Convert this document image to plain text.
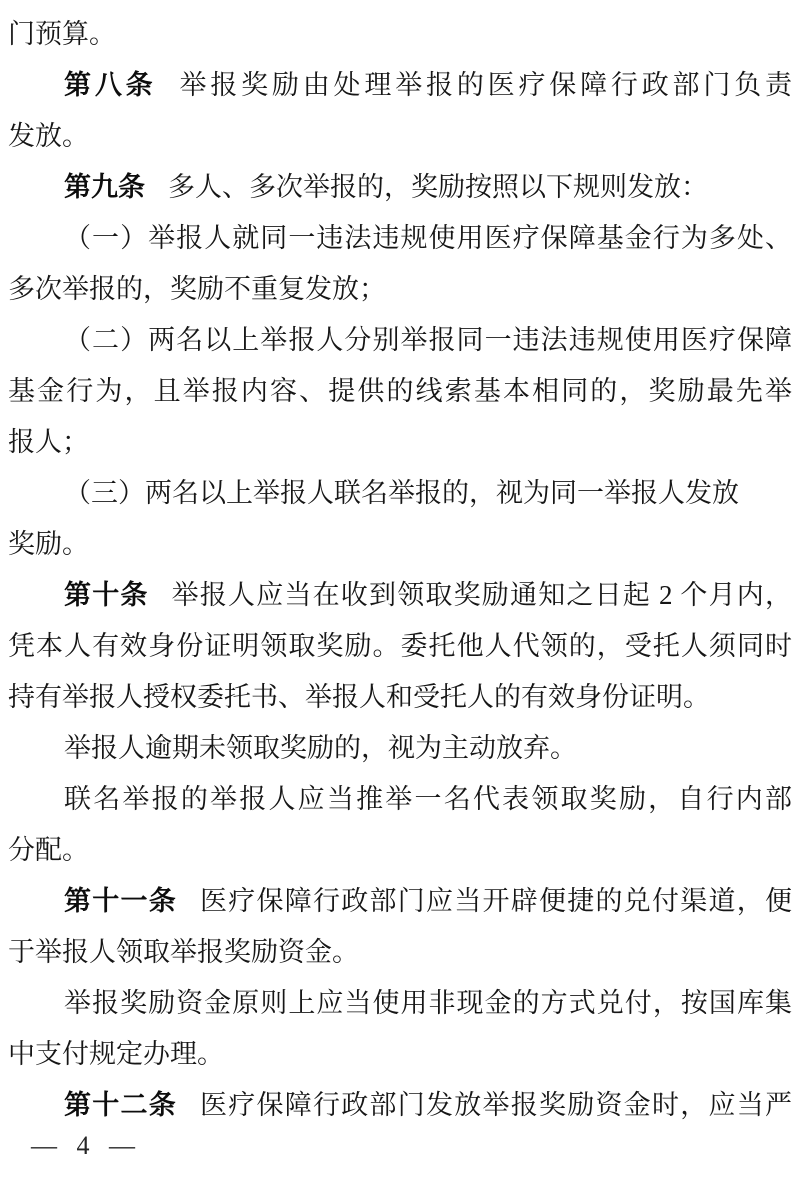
门预算。
第八条 举报奖励由处理举报的医疗保障行政部门负责
发放。
第九条 多人、多次举报的，奖励按照以下规则发放：
（一）举报人就同一违法违规使用医疗保障基金行为多处、
多次举报的，奖励不重复发放；
（二）两名以上举报人分别举报同一违法违规使用医疗保障
基金行为，且举报内容、提供的线索基本相同的，奖励最先举
报人；
（三）两名以上举报人联名举报的，视为同一举报人发放
奖励。
第十条 举报人应当在收到领取奖励通知之日起 2 个月内，
凭本人有效身份证明领取奖励。委托他人代领的，受托人须同时
持有举报人授权委托书、举报人和受托人的有效身份证明。
举报人逾期未领取奖励的，视为主动放弃。
联名举报的举报人应当推举一名代表领取奖励，自行内部
分配。
第十一条 医疗保障行政部门应当开辟便捷的兑付渠道，便
于举报人领取举报奖励资金。
举报奖励资金原则上应当使用非现金的方式兑付，按国库集
中支付规定办理。
第十二条 医疗保障行政部门发放举报奖励资金时，应当严
— 4 —
